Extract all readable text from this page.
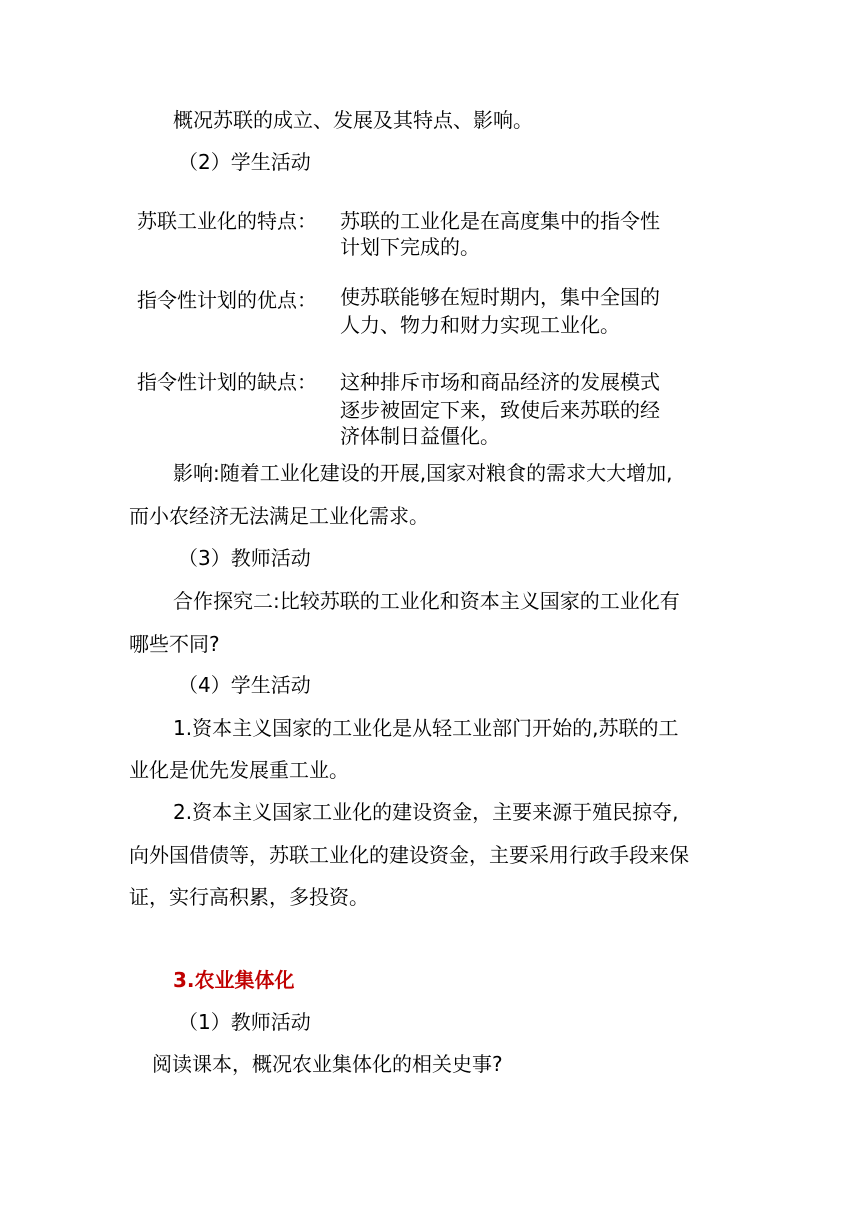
概况苏联的成立、发展及其特点、影响。
（2）学生活动
苏联工业化的特点： 苏联的工业化是在高度集中的指令性
计划下完成的。
指令性计划的优点： 使苏联能够在短时期内，集中全国的
人力、物力和财力实现工业化。
指令性计划的缺点： 这种排斥市场和商品经济的发展模式
逐步被固定下来，致使后来苏联的经
济体制日益僵化。
影响:随着工业化建设的开展,国家对粮食的需求大大增加,
而小农经济无法满足工业化需求。
（3）教师活动
合作探究二:比较苏联的工业化和资本主义国家的工业化有
哪些不同?
（4）学生活动
1.资本主义国家的工业化是从轻工业部门开始的,苏联的工
业化是优先发展重工业。
2.资本主义国家工业化的建设资金，主要来源于殖民掠夺,
向外国借债等，苏联工业化的建设资金，主要采用行政手段来保
证，实行高积累，多投资。
3.农业集体化
（1）教师活动
阅读课本，概况农业集体化的相关史事?
